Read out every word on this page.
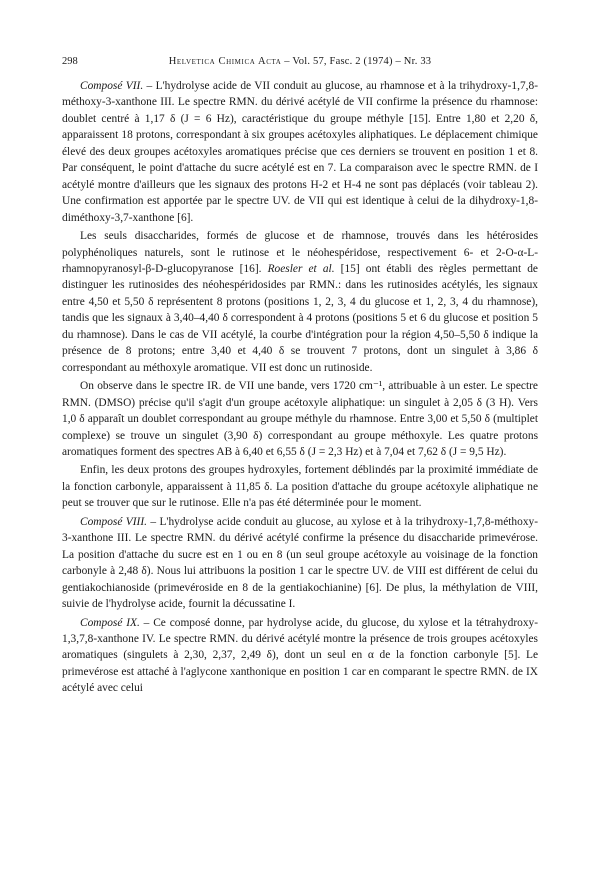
298	Helvetica Chimica Acta – Vol. 57, Fasc. 2 (1974) – Nr. 33

Composé VII. – L'hydrolyse acide de VII conduit au glucose, au rhamnose et à la trihydroxy-1,7,8-méthoxy-3-xanthone III. Le spectre RMN. du dérivé acétylé de VII confirme la présence du rhamnose: doublet centré à 1,17 δ (J = 6 Hz), caractéristique du groupe méthyle [15]. Entre 1,80 et 2,20 δ, apparaissent 18 protons, correspondant à six groupes acétoxyles aliphatiques. Le déplacement chimique élevé des deux groupes acétoxyles aromatiques précise que ces derniers se trouvent en position 1 et 8. Par conséquent, le point d'attache du sucre acétylé est en 7. La comparaison avec le spectre RMN. de I acétylé montre d'ailleurs que les signaux des protons H-2 et H-4 ne sont pas déplacés (voir tableau 2). Une confirmation est apportée par le spectre UV. de VII qui est identique à celui de la dihydroxy-1,8-diméthoxy-3,7-xanthone [6].

Les seuls disaccharides, formés de glucose et de rhamnose, trouvés dans les hétérosides polyphénoliques naturels, sont le rutinose et le néohespéridose, respectivement 6- et 2-O-α-L- rhamnopyranosyl-β-D-glucopyranose [16]. Roesler et al. [15] ont établi des règles permettant de distinguer les rutinosides des néohespéridosides par RMN.: dans les rutinosides acétylés, les signaux entre 4,50 et 5,50 δ représentent 8 protons (positions 1, 2, 3, 4 du glucose et 1, 2, 3, 4 du rhamnose), tandis que les signaux à 3,40–4,40 δ correspondent à 4 protons (positions 5 et 6 du glucose et position 5 du rhamnose). Dans le cas de VII acétylé, la courbe d'intégration pour la région 4,50–5,50 δ indique la présence de 8 protons; entre 3,40 et 4,40 δ se trouvent 7 protons, dont un singulet à 3,86 δ correspondant au méthoxyle aromatique. VII est donc un rutinoside.

On observe dans le spectre IR. de VII une bande, vers 1720 cm⁻¹, attribuable à un ester. Le spectre RMN. (DMSO) précise qu'il s'agit d'un groupe acétoxyle aliphatique: un singulet à 2,05 δ (3 H). Vers 1,0 δ apparaît un doublet correspondant au groupe méthyle du rhamnose. Entre 3,00 et 5,50 δ (multiplet complexe) se trouve un singulet (3,90 δ) correspondant au groupe méthoxyle. Les quatre protons aromatiques forment des spectres AB à 6,40 et 6,55 δ (J = 2,3 Hz) et à 7,04 et 7,62 δ (J = 9,5 Hz).

Enfin, les deux protons des groupes hydroxyles, fortement déblindés par la proximité immédiate de la fonction carbonyle, apparaissent à 11,85 δ. La position d'attache du groupe acétoxyle aliphatique ne peut se trouver que sur le rutinose. Elle n'a pas été déterminée pour le moment.

Composé VIII. – L'hydrolyse acide conduit au glucose, au xylose et à la trihydroxy-1,7,8-méthoxy-3-xanthone III. Le spectre RMN. du dérivé acétylé confirme la présence du disaccharide primevérose. La position d'attache du sucre est en 1 ou en 8 (un seul groupe acétoxyle au voisinage de la fonction carbonyle à 2,48 δ). Nous lui attribuons la position 1 car le spectre UV. de VIII est différent de celui du gentiakochianoside (primevéroside en 8 de la gentiakochianine) [6]. De plus, la méthylation de VIII, suivie de l'hydrolyse acide, fournit la décussatine I.

Composé IX. – Ce composé donne, par hydrolyse acide, du glucose, du xylose et la tétrahydroxy-1,3,7,8-xanthone IV. Le spectre RMN. du dérivé acétylé montre la présence de trois groupes acétoxyles aromatiques (singulets à 2,30, 2,37, 2,49 δ), dont un seul en α de la fonction carbonyle [5]. Le primevérose est attaché à l'aglycone xanthonique en position 1 car en comparant le spectre RMN. de IX acétylé avec celui
